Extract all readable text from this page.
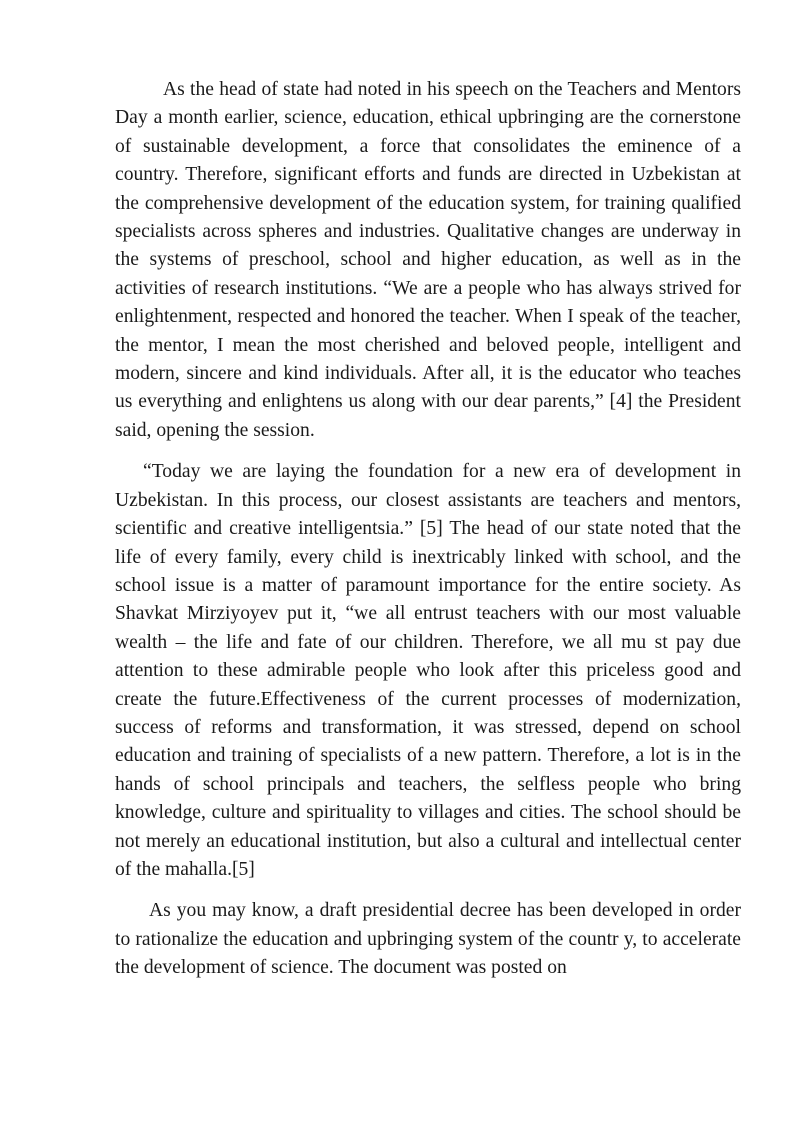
As the head of state had noted in his speech on the Teachers and Mentors Day a month earlier, science, education, ethical upbringing are the cornerstone of sustainable development, a force that consolidates the eminence of a country. Therefore, significant efforts and funds are directed in Uzbekistan at the comprehensive development of the education system, for training qualified specialists across spheres and industries. Qualitative changes are underway in the systems of preschool, school and higher education, as well as in the activities of research institutions. “We are a people who has always strived for enlightenment, respected and honored the teacher. When I speak of the teacher, the mentor, I mean the most cherished and beloved people, intelligent and modern, sincere and kind individuals. After all, it is the educator who teaches us everything and enlightens us along with our dear parents,” [4] the President said, opening the session.

“Today we are laying the foundation for a new era of development in Uzbekistan. In this process, our closest assistants are teachers and mentors, scientific and creative intelligentsia.” [5] The head of our state noted that the life of every family, every child is inextricably linked with school, and the school issue is a matter of paramount importance for the entire society. As Shavkat Mirziyoyev put it, “we all entrust teachers with our most valuable wealth – the life and fate of our children. Therefore, we all mu st pay due attention to these admirable people who look after this priceless good and create the future.Effectiveness of the current processes of modernization, success of reforms and transformation, it was stressed, depend on school education and training of specialists of a new pattern. Therefore, a lot is in the hands of school principals and teachers, the selfless people who bring knowledge, culture and spirituality to villages and cities. The school should be not merely an educational institution, but also a cultural and intellectual center of the mahalla.[5]

As you may know, a draft presidential decree has been developed in order to rationalize the education and upbringing system of the countr y, to accelerate the development of science. The document was posted on
